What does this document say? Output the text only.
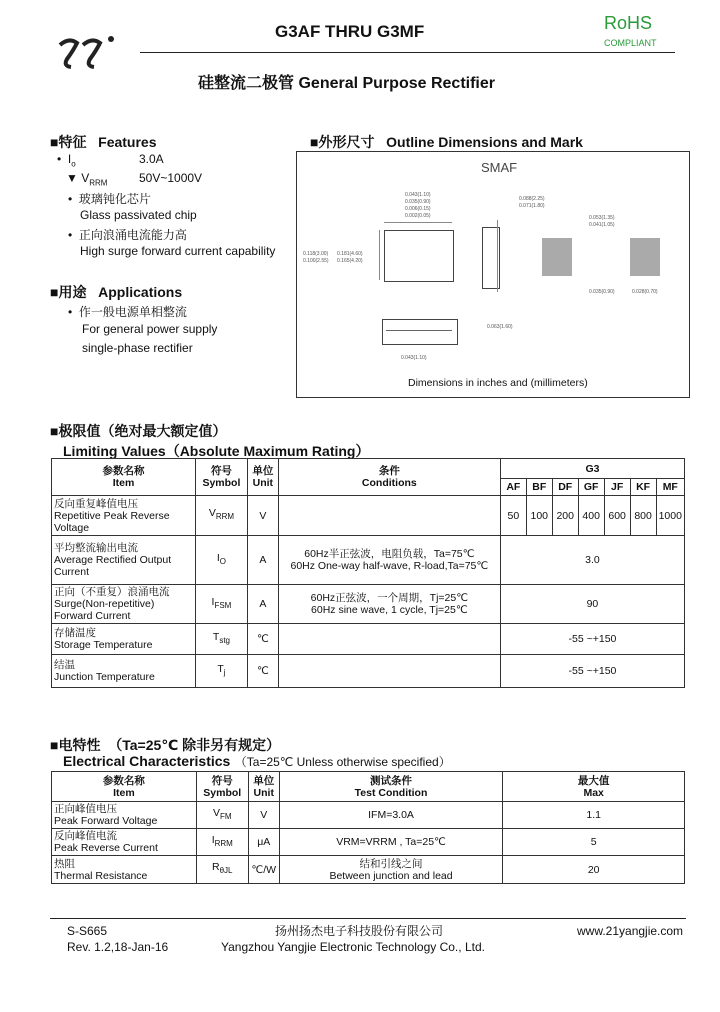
G3AF THRU G3MF	RoHS
COMPLIANT
硅整流二极管 General Purpose Rectifier
■特征 Features
•  $I_o$	3.0A
▼ $V_{RRM}$	50V~1000V
•  玻璃钝化芯片
Glass passivated chip
•  正向浪涌电流能力高
High surge forward current capability
■用途 Applications
•  作一般电源单相整流
For general power supply
single-phase rectifier
■外形尺寸 Outline Dimensions and Mark
SMAF
0.043(1.10)
0.035(0.90)
0.006(0.15)
0.002(0.05)
0.088(2.25)
0.071(1.80)
0.118(3.00)
0.100(2.55)
0.181(4.60)
0.165(4.20)
0.053(1.35)
0.041(1.05)
0.035(0.90)	0.028(0.70)
0.063(1.60)
0.043(1.10)
Dimensions in inches and (millimeters)
■极限值（绝对最大额定值）
Limiting Values（Absolute Maximum Rating）
参数名称
Item	符号
Symbol	单位
Unit	条件
Conditions	G3						
				AF	BF	DF	GF	JF	KF	MF
反向重复峰值电压
Repetitive Peak Reverse
Voltage	$V_{RRM}$	V		50	100	200	400	600	800	1000
平均整流输出电流
Average Rectified Output
Current	$I_O$	A	60Hz半正弦波，电阻负载，Ta=75℃
60Hz One-way half-wave, R-load,Ta=75℃	3.0						
正向（不重复）浪涌电流
Surge(Non-repetitive)
Forward Current	$I_{FSM}$	A	60Hz正弦波，一个周期，Tj=25℃
60Hz sine wave, 1 cycle, Tj=25℃	90						
存储温度
Storage Temperature	$T_{stg}$	℃		-55 ~+150						
结温
Junction Temperature	$T_j$	℃		-55 ~+150						
■电特性 （Ta=25℃ 除非另有规定）
Electrical Characteristics （Ta=25℃ Unless otherwise specified）
参数名称
Item	符号
Symbol	单位
Unit	测试条件
Test Condition	最大值
Max
正向峰值电压
Peak Forward Voltage	$V_{FM}$	V	IFM=3.0A	1.1
反向峰值电流
Peak Reverse Current	$I_{RRM}$	μA	VRM=VRRM , Ta=25℃	5
热阻
Thermal Resistance	$R_{\theta JL}$	℃/W	结和引线之间
Between junction and lead	20
S-S665
Rev. 1.2,18-Jan-16
扬州扬杰电子科技股份有限公司
Yangzhou Yangjie Electronic Technology Co., Ltd.
www.21yangjie.com
